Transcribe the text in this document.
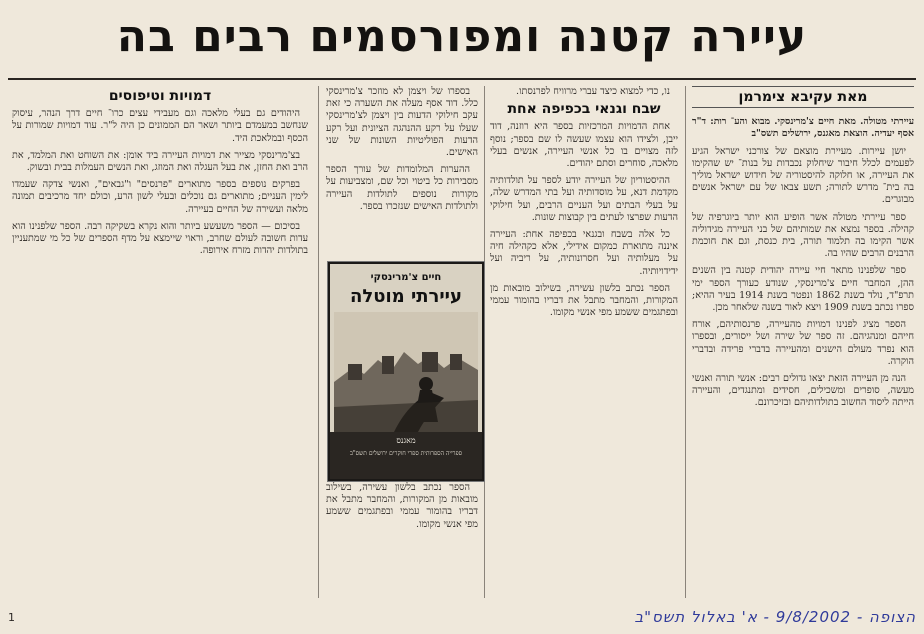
עיירה קטנה ומפורסמים רבים בה
מאת עקיבא צימרמן

עיירתי מטולה. מאת חיים צ'מרינסקי. מבוא והע־ רות: ד"ר אסף יעדיה. הוצאת מאגנס, ירושלים תשס"ב

יושן עיירות. מעיירת מוצאם של צורכני ישראל הגיע לפעמים לכלל חיבור שיחלוק נכבדות על בנות־ יש שהקימו את העיירה, או חלוקה להיסטוריה של חידוש ישראל מוליך בה בית־ מדרש לתורה; תשע צבאו של עם ישראל אנשים מבוגרים.

ספר עיירתי מטולה אשר הופיע הוא יותר ביוגרפיה של קהילה. בספר נמצא את שמותיהם של בני העיירה מגידוליה אשר הקימו בה תלמוד תורה, בית כנסת, וגם את חוכמת הרבנים הרבים שהיו בה.

ספר שלפנינו מתאר חיי עיירה יהודית קטנה בין השנים ההן, המחבר חיים צ'מרינסקי, שנודע כעורך הספר ימי תרפ"ד, נולד בשנת 1862 ונפטר בשנת 1914 בעיר ההיא; ספרו נכתב בשנת 1909 ויצא לאור בשנה שלאחר מכן.

הספר מציג לפנינו דמויות מהעיירה, פרנסותיהם, אורח חייהם ומנהגיהם. זה ספר של שירה ושל ייסורים, ובספרו הוא נפרד מעולם הישנים ומהעיירה בדברי פרידה ובדברי הוקרה.

הנה מן העיירה הזאת יצאו גדולים רבים: אנשי תורה ואנשי מעשה, סופרים ומשכילים, חסידים ומתנגדים, והעיירה הייתה ליסוד החשוב בתולדותיהם ובזיכרונם.

נו, כדי למצוא כיצד עברי מרוויח לפרנסתו.

שבח וגנאי בכפיפה אחת

אחת הדמויות המרכזיות בספר היא רוזנה, דוד ייבן, ולצידו הוא עצמו שעשה לו שם בספר; נוסף לזה מצויים בו כל אנשי העיירה, אנשים בעלי מלאכה, סוחרים וסתם יהודים.

ההיסטוריון של העיירה יודע לספר על תולדותיה מקדמת דנא, על מוסדותיה ועל בתי המדרש שלה, על בעלי הבתים ועל העניים הרבים, ועל חילוקי הדעות שפרצו לעתים בין קבוצות שונות.

כל אלה בשבח ובגנאי בכפיפה אחת: העיירה איננה מתוארת כמקום אידילי, אלא כקהילה חיה על מעלותיה ועל חסרונותיה, על ריביה ועל ידידויותיה.

הספר נכתב בלשון עשירה, בשילוב מובאות מן המקורות, והמחבר מתבל את דבריו בהומור עממי ובפתגמים ששמע מפי אנשי מקומו.

בספרו של ויצמן לא מוזכר צ'מרינסקי כלל. דוד אסף מעלה את השערה כי זאת עקב חילוקי הדעות בין ויצמן לצ'מרינסקי שעלו על רקע ההנהגה הציונית ועל רקע הדעות הפוליטיות השונות של שני האישים.

ההערות המלומדות של עורך הספר מסבירות כל ביטוי וכל שם, ומצביעות על מקורות נוספים לתולדות העיירה ולתולדות האישים שנזכרו בספר.

חיים צ'מרינסקי
עיירתי מוטלה
מאגנס
ספרייה הספרותית ספרי חוקרים ירושלים תשס"ב

הספר נכתב בלשון עשירה, בשילוב מובאות מן המקורות, והמחבר מתבל את דבריו בהומור עממי ובפתגמים ששמע מפי אנשי מקומו.

דמויות וטיפוסים

היהודים גם בעלי מלאכה וגם מעבידי עצים כרו־ חיים דרך הנהר, עיסוק שנחשב במעמדם ביותר ושאר הם הממונים כן היה ל"ר. עוד דמויות שמורות על הכסף ובמלאכת היד.

בצ'מרינסקי מצייר את דמויות העיירה ביד אומן: את השוחט ואת המלמד, את הרב ואת החזן, את בעל העגלה ואת המוזג, ואת הנשים העמלות בבית ובשוק.

בפרקים נוספים בספר מתוארים "פרנסים" ו"גבאים", ואנשי צדקה שעמדו לימין העניים; מתוארים גם נוכלים ובעלי לשון הרע, וכולם יחד מרכיבים תמונה מלאה ועשירה של החיים בעיירה.

בסיכום — הספר משעשע ביותר והוא נקרא בשקיקה רבה. הספר שלפנינו הוא עדות חשובה לעולם שחרב, וראוי שיימצא על מדף הספרים של כל מי שמתעניין בתולדות יהדות מזרח אירופה.

הצופה - 9/8/2002 - א' באלול תשס"ב
1
